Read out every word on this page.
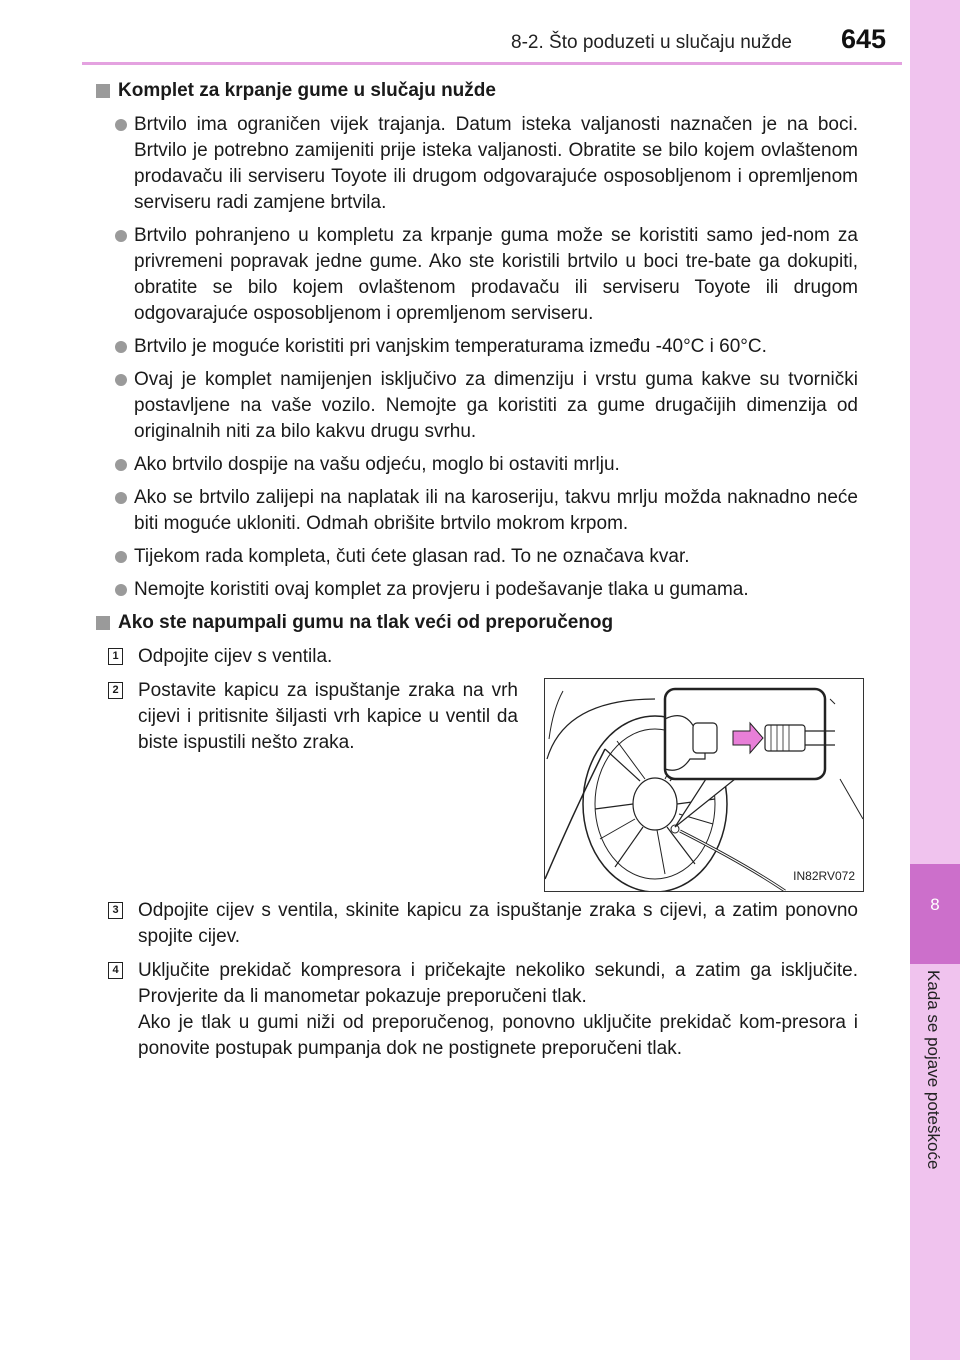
8-2. Što poduzeti u slučaju nužde 645
8
Kada se pojave poteškoće
Komplet za krpanje gume u slučaju nužde
Brtvilo ima ograničen vijek trajanja. Datum isteka valjanosti naznačen je na boci. Brtvilo je potrebno zamijeniti prije isteka valjanosti. Obratite se bilo kojem ovlaštenom prodavaču ili serviseru Toyote ili drugom odgovarajuće osposobljenom i opremljenom serviseru radi zamjene brtvila.
Brtvilo pohranjeno u kompletu za krpanje guma može se koristiti samo jed-nom za privremeni popravak jedne gume. Ako ste koristili brtvilo u boci tre-bate ga dokupiti, obratite se bilo kojem ovlaštenom prodavaču ili serviseru Toyote ili drugom odgovarajuće osposobljenom i opremljenom serviseru.
Brtvilo je moguće koristiti pri vanjskim temperaturama između -40°C i 60°C.
Ovaj je komplet namijenjen isključivo za dimenziju i vrstu guma kakve su tvornički postavljene na vaše vozilo. Nemojte ga koristiti za gume drugačijih dimenzija od originalnih niti za bilo kakvu drugu svrhu.
Ako brtvilo dospije na vašu odjeću, moglo bi ostaviti mrlju.
Ako se brtvilo zalijepi na naplatak ili na karoseriju, takvu mrlju možda naknadno neće biti moguće ukloniti. Odmah obrišite brtvilo mokrom krpom.
Tijekom rada kompleta, čuti ćete glasan rad. To ne označava kvar.
Nemojte koristiti ovaj komplet za provjeru i podešavanje tlaka u gumama.
Ako ste napumpali gumu na tlak veći od preporučenog
1 Odpojite cijev s ventila.
2 Postavite kapicu za ispuštanje zraka na vrh cijevi i pritisnite šiljasti vrh kapice u ventil da biste ispustili nešto zraka.
IN82RV072
3 Odpojite cijev s ventila, skinite kapicu za ispuštanje zraka s cijevi, a zatim ponovno spojite cijev.
4 Uključite prekidač kompresora i pričekajte nekoliko sekundi, a zatim ga isključite. Provjerite da li manometar pokazuje preporučeni tlak.
Ako je tlak u gumi niži od preporučenog, ponovno uključite prekidač kom-presora i ponovite postupak pumpanja dok ne postignete preporučeni tlak.
